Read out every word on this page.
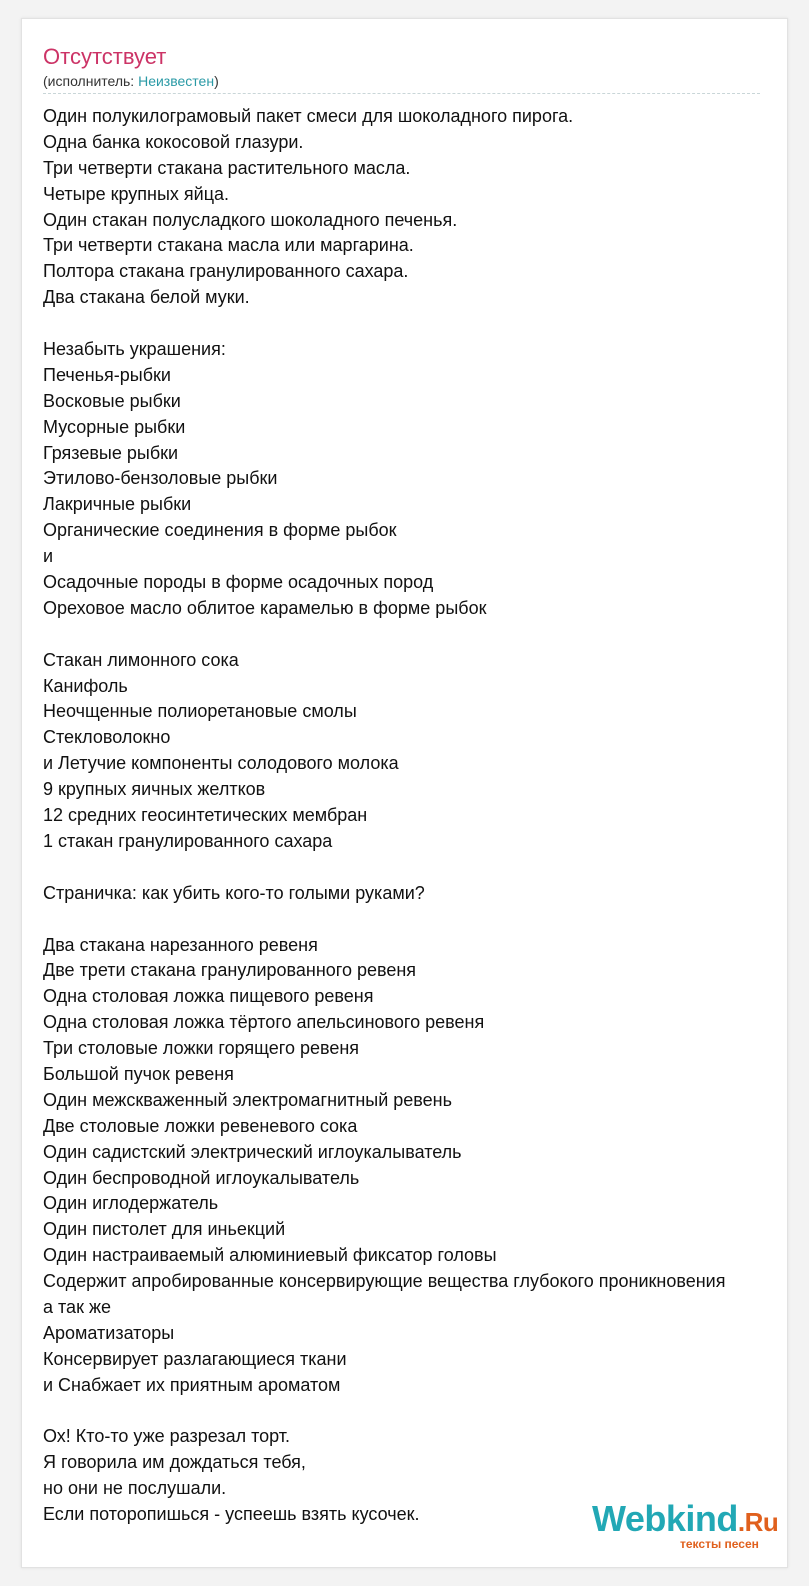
Отсутствует
(исполнитель: Неизвестен)
Один полукилограмовый пакет смеси для шоколадного пирога.
Одна банка кокосовой глазури.
Три четверти стакана растительного масла.
Четыре крупных яйца.
Один стакан полусладкого шоколадного печенья.
Три четверти стакана масла или маргарина.
Полтора стакана гранулированного сахара.
Два стакана белой муки.
Незабыть украшения:
Печенья-рыбки
Восковые рыбки
Мусорные рыбки
Грязевые рыбки
Этилово-бензоловые рыбки
Лакричные рыбки
Органические соединения в форме рыбок
и
Осадочные породы в форме осадочных пород
Ореховое масло облитое карамелью в форме рыбок
Стакан лимонного сока
Канифоль
Неочщенные полиоретановые смолы
Стекловолокно
и Летучие компоненты солодового молока
9 крупных яичных желтков
12 средних геосинтетических мембран
1 стакан гранулированного сахара
Страничка: как убить кого-то голыми руками?
Два стакана нарезанного ревеня
Две трети стакана гранулированного ревеня
Одна столовая ложка пищевого ревеня
Одна столовая ложка тёртого апельсинового ревеня
Три столовые ложки горящего ревеня
Большой пучок ревеня
Один межскваженный электромагнитный ревень
Две столовые ложки ревеневого сока
Один садистский электрический иглоукалыватель
Один беспроводной иглоукалыватель
Один иглодержатель
Один пистолет для иньекций
Один настраиваемый алюминиевый фиксатор головы
Содержит апробированные консервирующие вещества глубокого проникновения
а так же
Ароматизаторы
Консервирует разлагающиеся ткани
и Снабжает их приятным ароматом
Ох! Кто-то уже разрезал торт.
Я говорила им дождаться тебя,
но они не послушали.
Если поторопишься - успеешь взять кусочек.	Webkind.Ru
тексты песен
